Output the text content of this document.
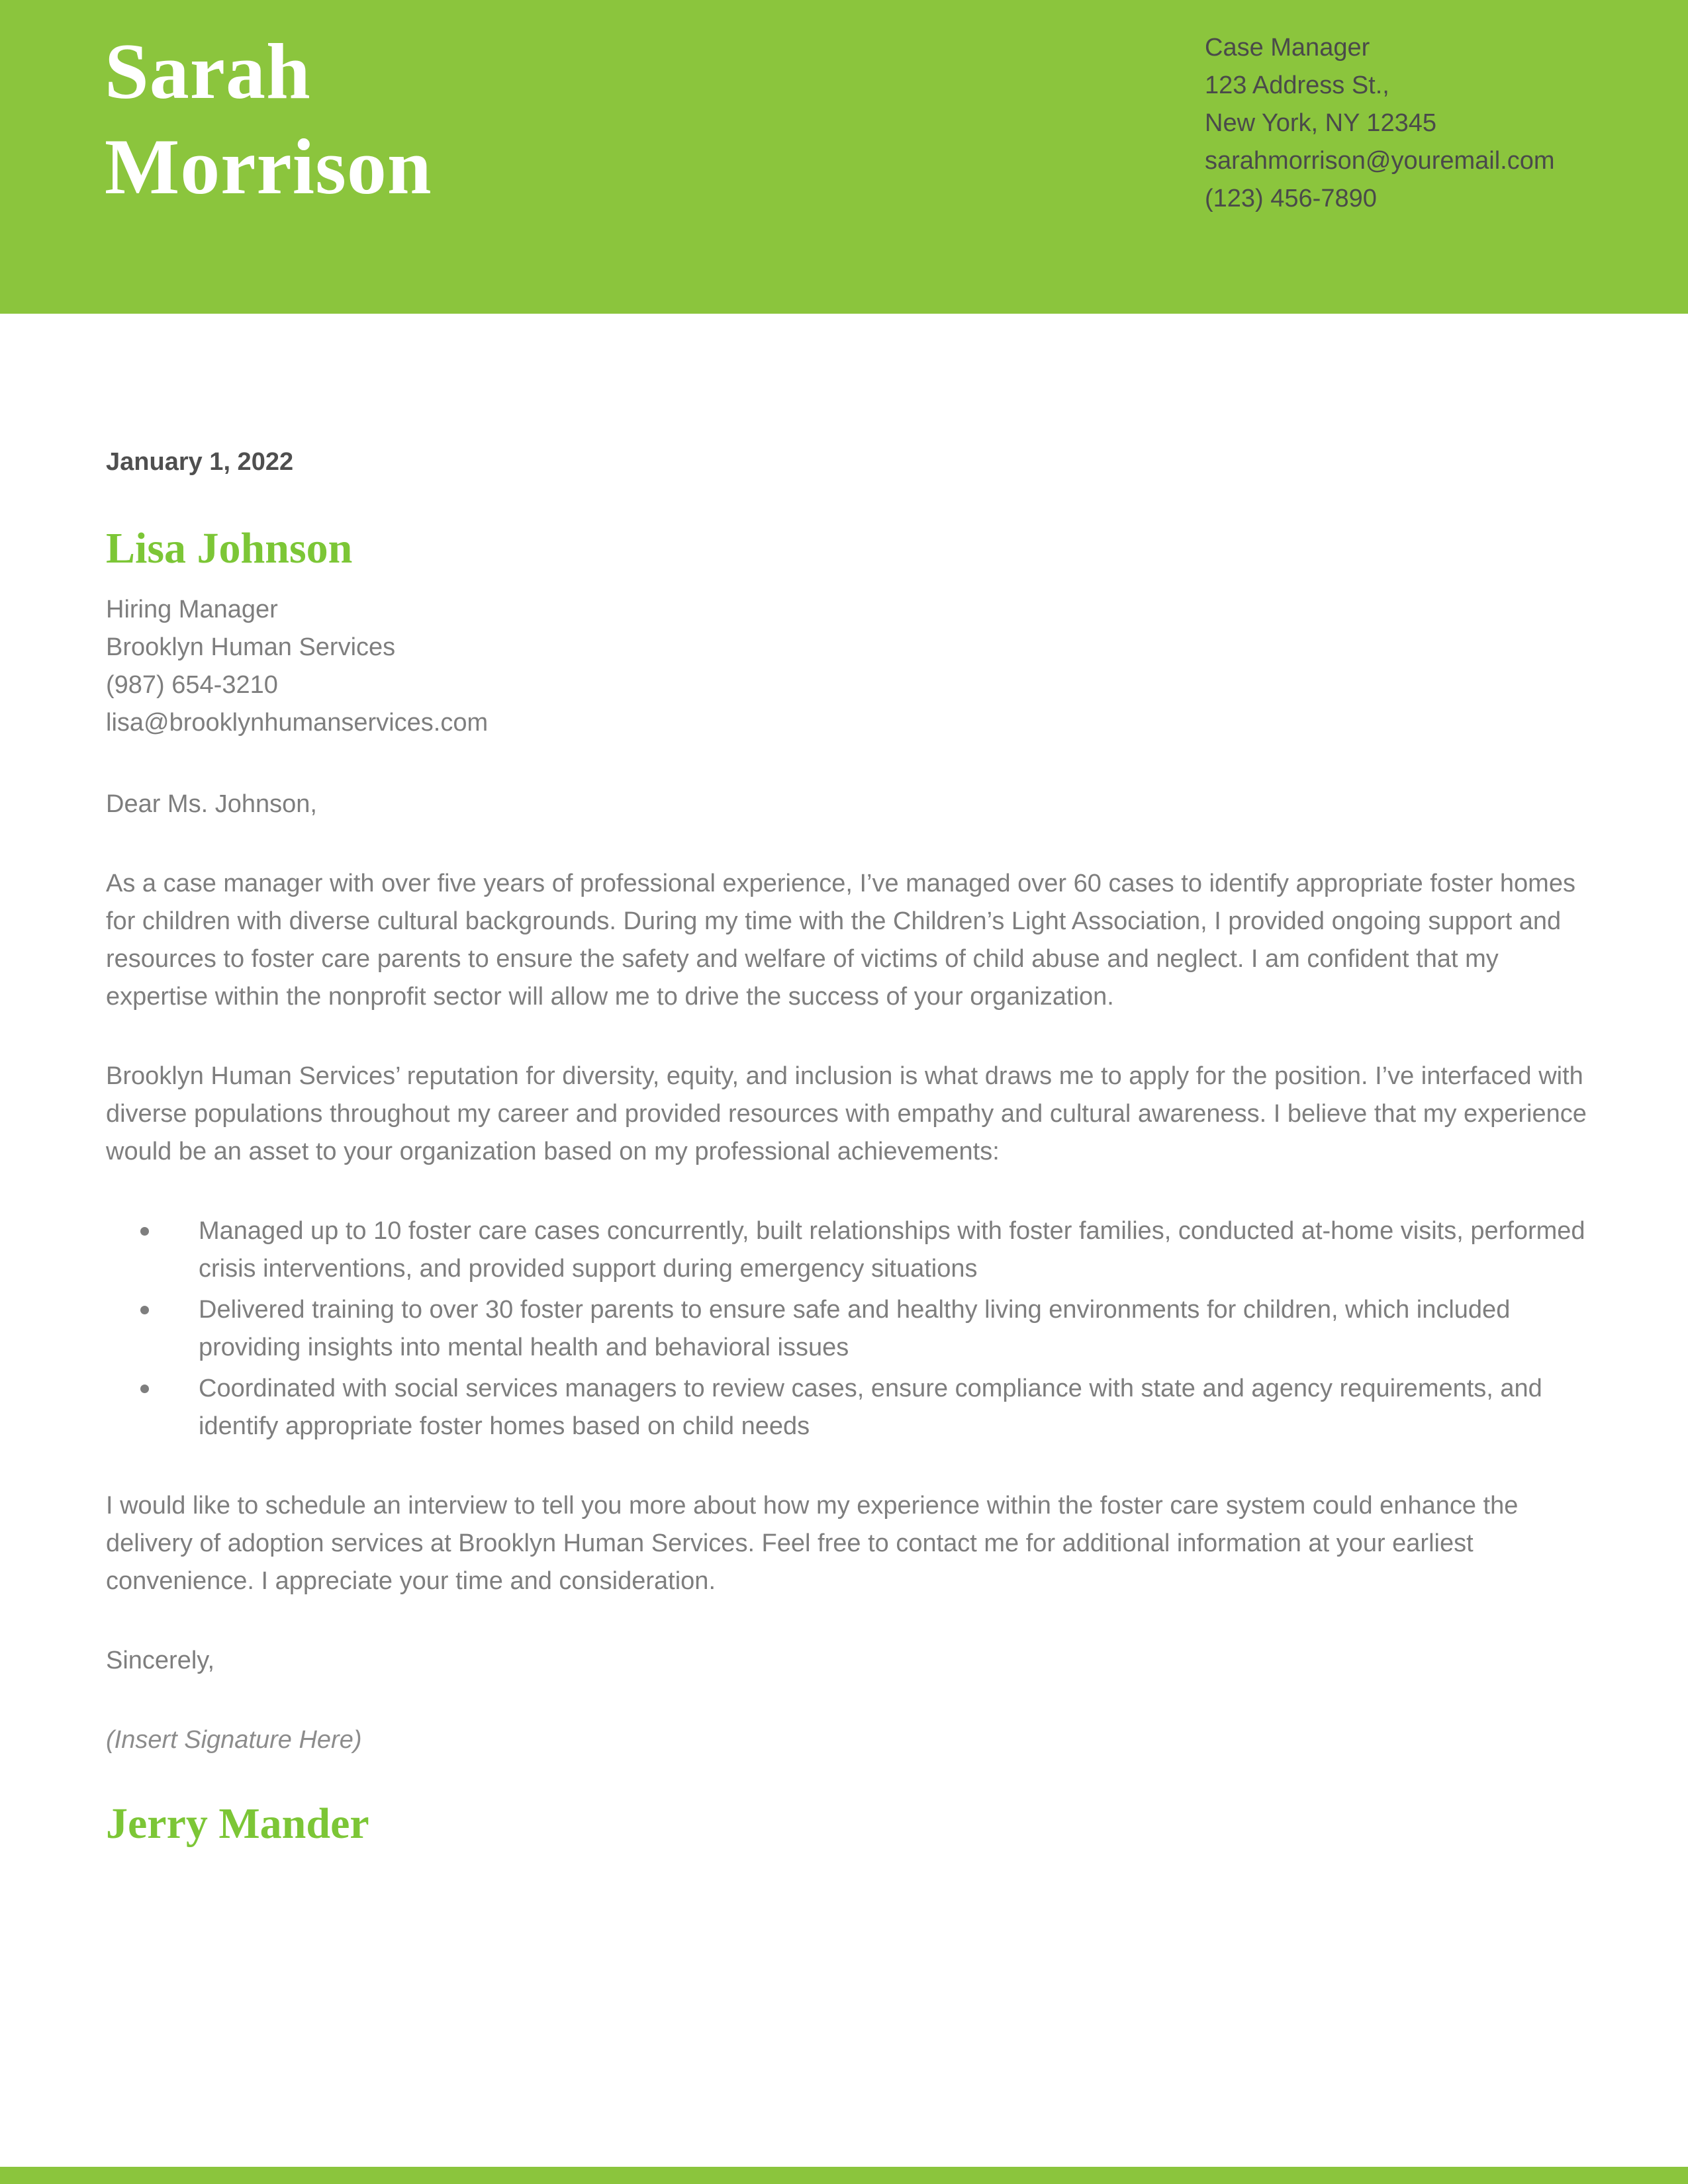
Sarah
Morrison
Case Manager
123 Address St.,
New York, NY 12345
sarahmorrison@youremail.com
(123) 456-7890
January 1, 2022
Lisa Johnson
Hiring Manager
Brooklyn Human Services
(987) 654-3210
lisa@brooklynhumanservices.com
Dear Ms. Johnson,
As a case manager with over five years of professional experience, I’ve managed over 60 cases to identify appropriate foster homes for children with diverse cultural backgrounds. During my time with the Children’s Light Association, I provided ongoing support and resources to foster care parents to ensure the safety and welfare of victims of child abuse and neglect. I am confident that my expertise within the nonprofit sector will allow me to drive the success of your organization.
Brooklyn Human Services’ reputation for diversity, equity, and inclusion is what draws me to apply for the position. I’ve interfaced with diverse populations throughout my career and provided resources with empathy and cultural awareness. I believe that my experience would be an asset to your organization based on my professional achievements:
Managed up to 10 foster care cases concurrently, built relationships with foster families, conducted at-home visits, performed crisis interventions, and provided support during emergency situations
Delivered training to over 30 foster parents to ensure safe and healthy living environments for children, which included providing insights into mental health and behavioral issues
Coordinated with social services managers to review cases, ensure compliance with state and agency requirements, and identify appropriate foster homes based on child needs
I would like to schedule an interview to tell you more about how my experience within the foster care system could enhance the delivery of adoption services at Brooklyn Human Services. Feel free to contact me for additional information at your earliest convenience. I appreciate your time and consideration.
Sincerely,
(Insert Signature Here)
Jerry Mander
